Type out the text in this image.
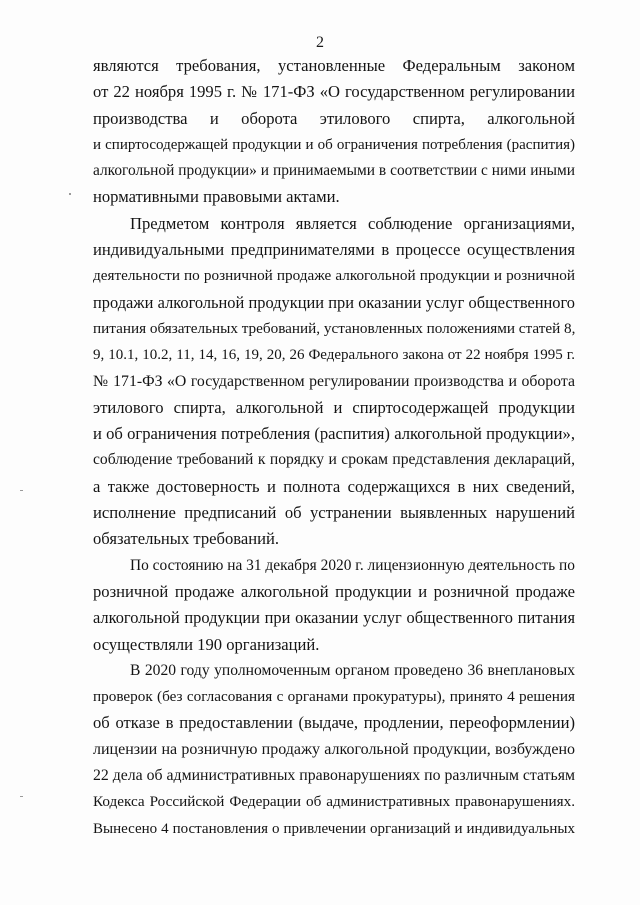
2
являются требования, установленные Федеральным законом
от 22 ноября 1995 г. № 171-ФЗ «О государственном регулировании
производства и оборота этилового спирта, алкогольной
и спиртосодержащей продукции и об ограничения потребления (распития)
алкогольной продукции» и принимаемыми в соответствии с ними иными
нормативными правовыми актами.
Предметом контроля является соблюдение организациями,
индивидуальными предпринимателями в процессе осуществления
деятельности по розничной продаже алкогольной продукции и розничной
продажи алкогольной продукции при оказании услуг общественного
питания обязательных требований, установленных положениями статей 8,
9, 10.1, 10.2, 11, 14, 16, 19, 20, 26 Федерального закона от 22 ноября 1995 г.
№ 171-ФЗ «О государственном регулировании производства и оборота
этилового спирта, алкогольной и спиртосодержащей продукции
и об ограничения потребления (распития) алкогольной продукции»,
соблюдение требований к порядку и срокам представления деклараций,
а также достоверность и полнота содержащихся в них сведений,
исполнение предписаний об устранении выявленных нарушений
обязательных требований.
По состоянию на 31 декабря 2020 г. лицензионную деятельность по
розничной продаже алкогольной продукции и розничной продаже
алкогольной продукции при оказании услуг общественного питания
осуществляли 190 организаций.
В 2020 году уполномоченным органом проведено 36 внеплановых
проверок (без согласования с органами прокуратуры), принято 4 решения
об отказе в предоставлении (выдаче, продлении, переоформлении)
лицензии на розничную продажу алкогольной продукции, возбуждено
22 дела об административных правонарушениях по различным статьям
Кодекса Российской Федерации об административных правонарушениях.
Вынесено 4 постановления о привлечении организаций и индивидуальных
